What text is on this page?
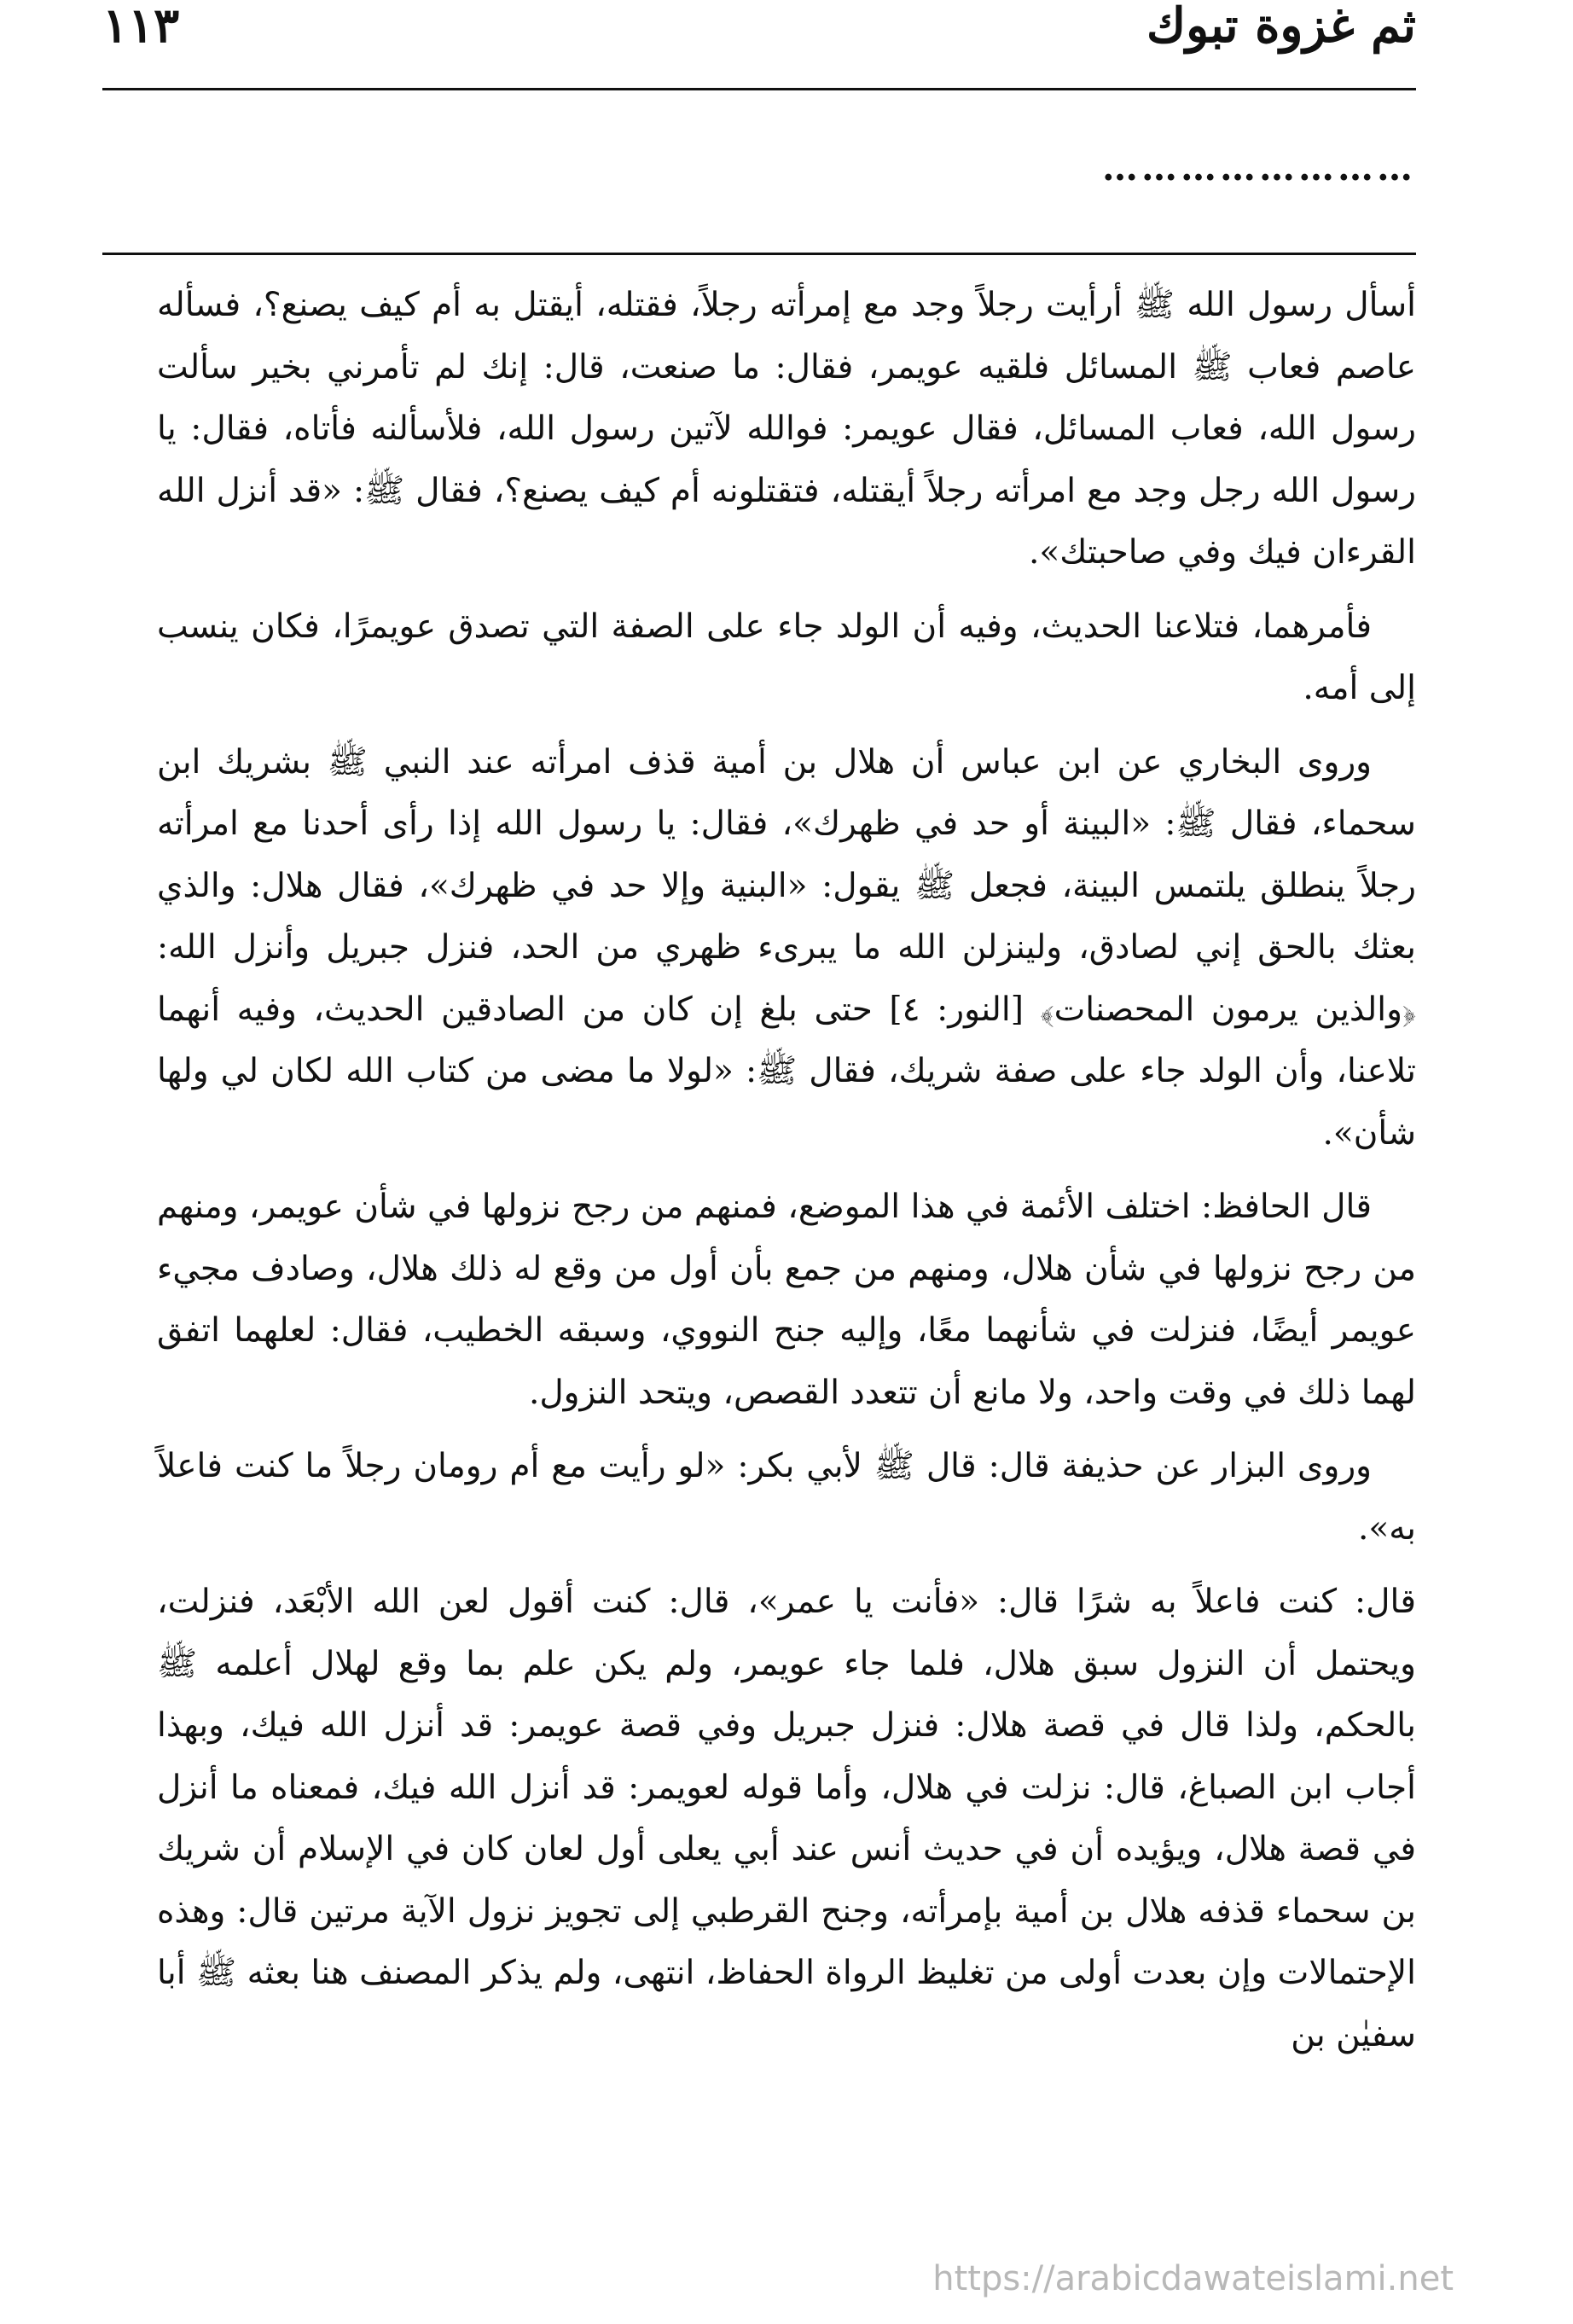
ثم غزوة تبوك
١١٣
……………………

أسأل رسول الله ﷺ أرأيت رجلاً وجد مع إمرأته رجلاً، فقتله، أيقتل به أم كيف يصنع؟، فسأله عاصم فعاب ﷺ المسائل فلقيه عويمر، فقال: ما صنعت، قال: إنك لم تأمرني بخير سألت رسول الله، فعاب المسائل، فقال عويمر: فوالله لآتين رسول الله، فلأسألنه فأتاه، فقال: يا رسول الله رجل وجد مع امرأته رجلاً أيقتله، فتقتلونه أم كيف يصنع؟، فقال ﷺ: «قد أنزل الله القرءان فيك وفي صاحبتك».

فأمرهما، فتلاعنا الحديث، وفيه أن الولد جاء على الصفة التي تصدق عويمرًا، فكان ينسب إلى أمه.

وروى البخاري عن ابن عباس أن هلال بن أمية قذف امرأته عند النبي ﷺ بشريك ابن سحماء، فقال ﷺ: «البينة أو حد في ظهرك»، فقال: يا رسول الله إذا رأى أحدنا مع امرأته رجلاً ينطلق يلتمس البينة، فجعل ﷺ يقول: «البنية وإلا حد في ظهرك»، فقال هلال: والذي بعثك بالحق إني لصادق، ولينزلن الله ما يبرىء ظهري من الحد، فنزل جبريل وأنزل الله: ﴿والذين يرمون المحصنات﴾ [النور: ٤] حتى بلغ إن كان من الصادقين الحديث، وفيه أنهما تلاعنا، وأن الولد جاء على صفة شريك، فقال ﷺ: «لولا ما مضى من كتاب الله لكان لي ولها شأن».

قال الحافظ: اختلف الأئمة في هذا الموضع، فمنهم من رجح نزولها في شأن عويمر، ومنهم من رجح نزولها في شأن هلال، ومنهم من جمع بأن أول من وقع له ذلك هلال، وصادف مجيء عويمر أيضًا، فنزلت في شأنهما معًا، وإليه جنح النووي، وسبقه الخطيب، فقال: لعلهما اتفق لهما ذلك في وقت واحد، ولا مانع أن تتعدد القصص، ويتحد النزول.

وروى البزار عن حذيفة قال: قال ﷺ لأبي بكر: «لو رأيت مع أم رومان رجلاً ما كنت فاعلاً به».

قال: كنت فاعلاً به شرًا قال: «فأنت يا عمر»، قال: كنت أقول لعن الله الأبْعَد، فنزلت، ويحتمل أن النزول سبق هلال، فلما جاء عويمر، ولم يكن علم بما وقع لهلال أعلمه ﷺ بالحكم، ولذا قال في قصة هلال: فنزل جبريل وفي قصة عويمر: قد أنزل الله فيك، وبهذا أجاب ابن الصباغ، قال: نزلت في هلال، وأما قوله لعويمر: قد أنزل الله فيك، فمعناه ما أنزل في قصة هلال، ويؤيده أن في حديث أنس عند أبي يعلى أول لعان كان في الإسلام أن شريك بن سحماء قذفه هلال بن أمية بإمرأته، وجنح القرطبي إلى تجويز نزول الآية مرتين قال: وهذه الإحتمالات وإن بعدت أولى من تغليظ الرواة الحفاظ، انتهى، ولم يذكر المصنف هنا بعثه ﷺ أبا سفيٰن بن

https://arabicdawateislami.net
